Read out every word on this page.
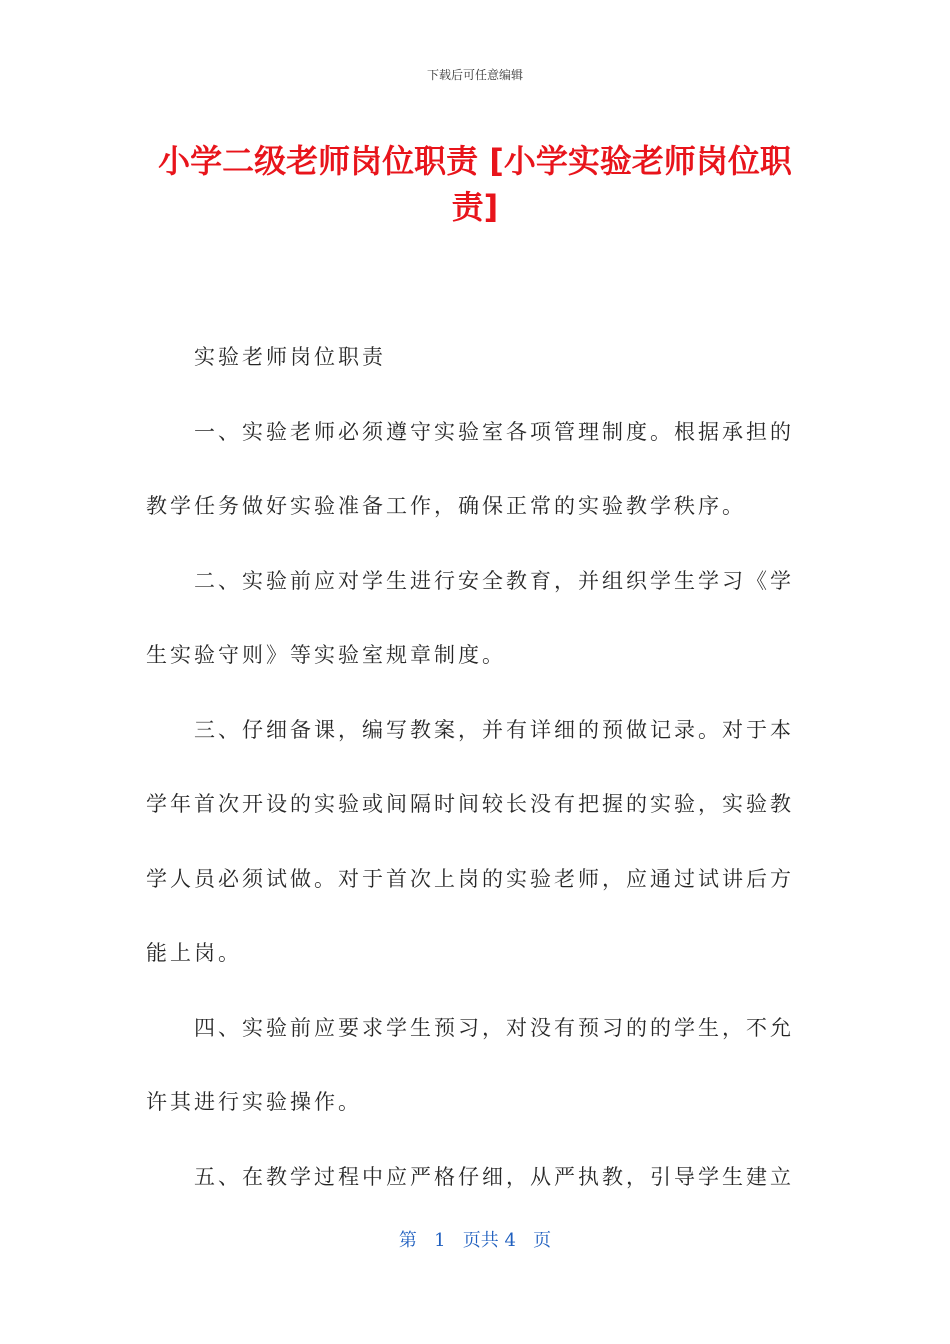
下载后可任意编辑
小学二级老师岗位职责 [小学实验老师岗位职责]

实验老师岗位职责

一、实验老师必须遵守实验室各项管理制度。根据承担的教学任务做好实验准备工作，确保正常的实验教学秩序。

二、实验前应对学生进行安全教育，并组织学生学习《学生实验守则》等实验室规章制度。

三、仔细备课，编写教案，并有详细的预做记录。对于本学年首次开设的实验或间隔时间较长没有把握的实验，实验教学人员必须试做。对于首次上岗的实验老师，应通过试讲后方能上岗。

四、实验前应要求学生预习，对没有预习的的学生，不允许其进行实验操作。

五、在教学过程中应严格仔细，从严执教，引导学生建立

第 1 页共 4 页
